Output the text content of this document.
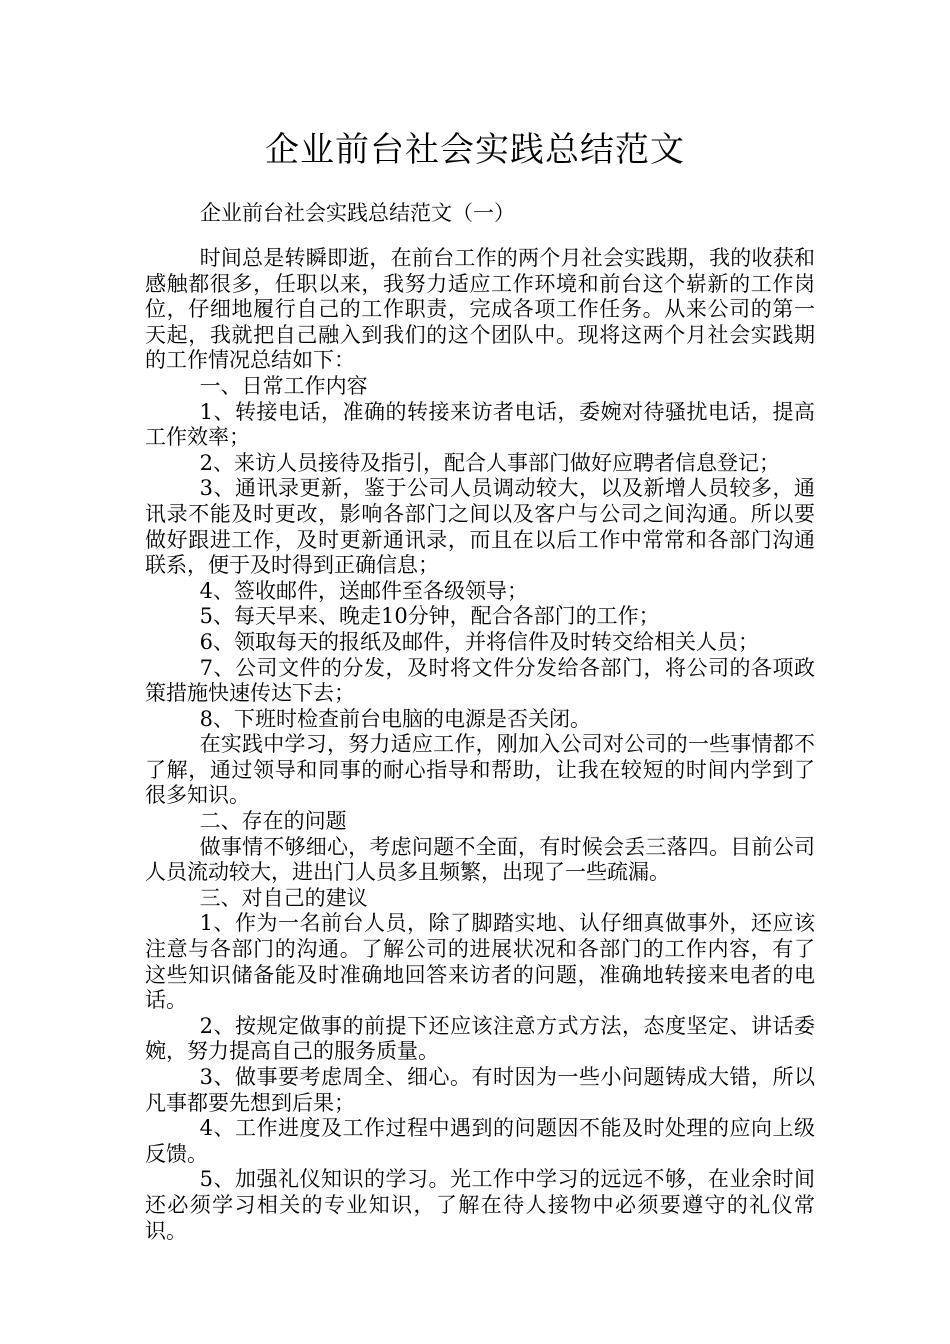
企业前台社会实践总结范文
企业前台社会实践总结范文（一）

时间总是转瞬即逝，在前台工作的两个月社会实践期，我的收获和感触都很多，任职以来，我努力适应工作环境和前台这个崭新的工作岗位，仔细地履行自己的工作职责，完成各项工作任务。从来公司的第一天起，我就把自己融入到我们的这个团队中。现将这两个月社会实践期的工作情况总结如下：

一、日常工作内容

1、转接电话，准确的转接来访者电话，委婉对待骚扰电话，提高工作效率；

2、来访人员接待及指引，配合人事部门做好应聘者信息登记；

3、通讯录更新，鉴于公司人员调动较大，以及新增人员较多，通讯录不能及时更改，影响各部门之间以及客户与公司之间沟通。所以要做好跟进工作，及时更新通讯录，而且在以后工作中常常和各部门沟通联系，便于及时得到正确信息；

4、签收邮件，送邮件至各级领导；

5、每天早来、晚走10分钟，配合各部门的工作；

6、领取每天的报纸及邮件，并将信件及时转交给相关人员；

7、公司文件的分发，及时将文件分发给各部门，将公司的各项政策措施快速传达下去；

8、下班时检查前台电脑的电源是否关闭。

在实践中学习，努力适应工作，刚加入公司对公司的一些事情都不了解，通过领导和同事的耐心指导和帮助，让我在较短的时间内学到了很多知识。

二、存在的问题

做事情不够细心，考虑问题不全面，有时候会丢三落四。目前公司人员流动较大，进出门人员多且频繁，出现了一些疏漏。

三、对自己的建议

1、作为一名前台人员，除了脚踏实地、认仔细真做事外，还应该注意与各部门的沟通。了解公司的进展状况和各部门的工作内容，有了这些知识储备能及时准确地回答来访者的问题，准确地转接来电者的电话。

2、按规定做事的前提下还应该注意方式方法，态度坚定、讲话委婉，努力提高自己的服务质量。

3、做事要考虑周全、细心。有时因为一些小问题铸成大错，所以凡事都要先想到后果；

4、工作进度及工作过程中遇到的问题因不能及时处理的应向上级反馈。

5、加强礼仪知识的学习。光工作中学习的远远不够，在业余时间还必须学习相关的专业知识，了解在待人接物中必须要遵守的礼仪常识。
